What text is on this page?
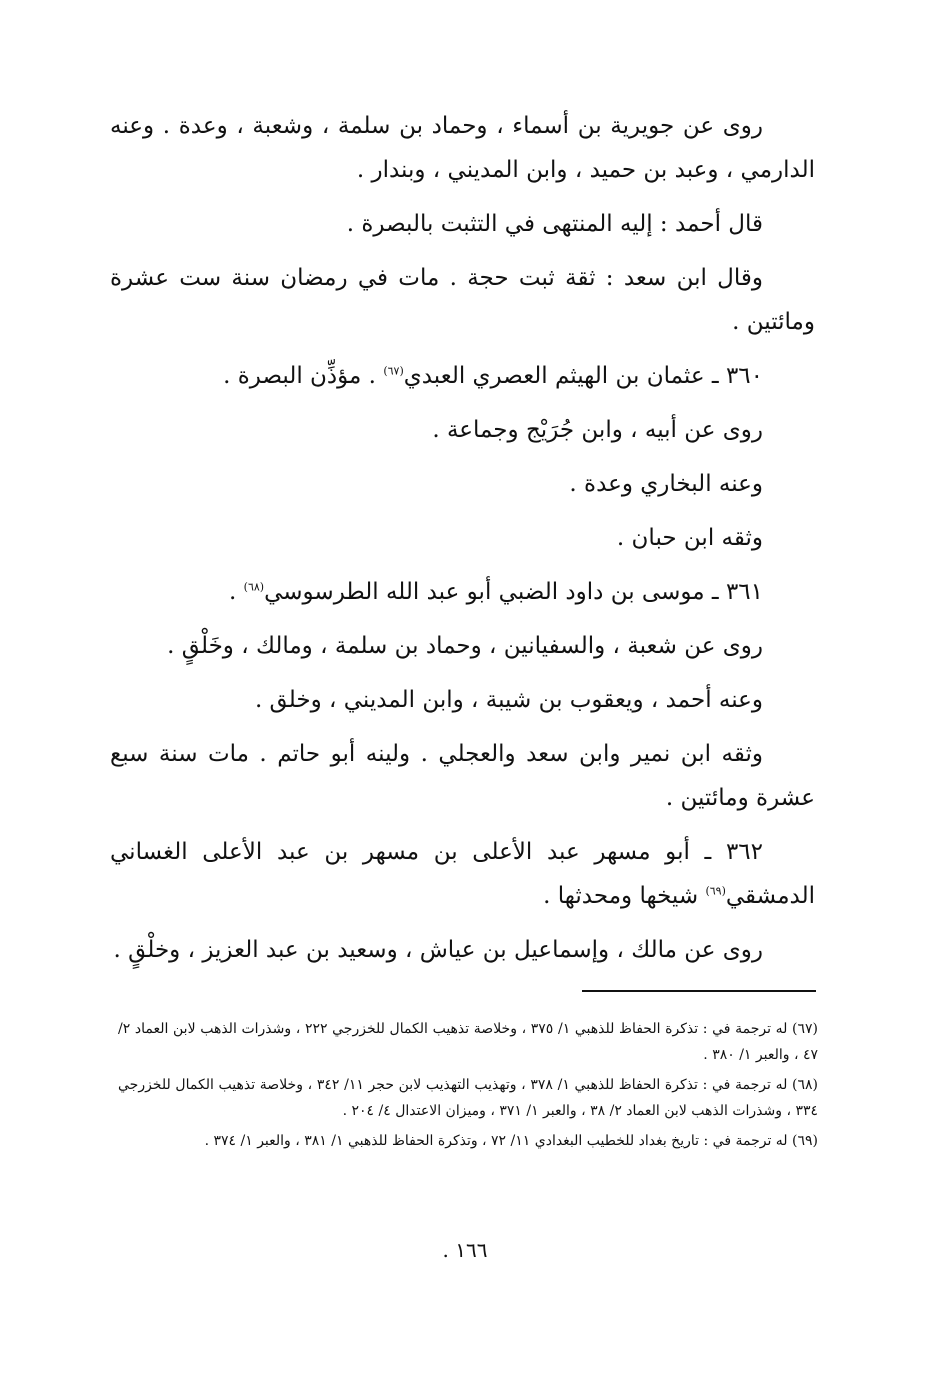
روى عن جويرية بن أسماء ، وحماد بن سلمة ، وشعبة ، وعدة . وعنه الدارمي ، وعبد بن حميد ، وابن المديني ، وبندار .

قال أحمد : إليه المنتهى في التثبت بالبصرة .

وقال ابن سعد : ثقة ثبت حجة . مات في رمضان سنة ست عشرة ومائتين .

٣٦٠ ـ عثمان بن الهيثم العصري العبدي$^{(٦٧)}$ . مؤذِّن البصرة .

روى عن أبيه ، وابن جُرَيْج وجماعة .

وعنه البخاري وعدة .

وثقه ابن حبان .

٣٦١ ـ موسى بن داود الضبي أبو عبد الله الطرسوسي$^{(٦٨)}$ .

روى عن شعبة ، والسفيانين ، وحماد بن سلمة ، ومالك ، وخَلْقٍ .

وعنه أحمد ، ويعقوب بن شيبة ، وابن المديني ، وخلق .

وثقه ابن نمير وابن سعد والعجلي . ولينه أبو حاتم . مات سنة سبع عشرة ومائتين .

٣٦٢ ـ أبو مسهر عبد الأعلى بن مسهر بن عبد الأعلى الغساني الدمشقي$^{(٦٩)}$ شيخها ومحدثها .

روى عن مالك ، وإسماعيل بن عياش ، وسعيد بن عبد العزيز ، وخلْقٍ .

(٦٧) له ترجمة في : تذكرة الحفاظ للذهبي ١/ ٣٧٥ ، وخلاصة تذهيب الكمال للخزرجي ٢٢٢ ، وشذرات الذهب لابن العماد ٢/ ٤٧ ، والعبر ١/ ٣٨٠ .

(٦٨) له ترجمة في : تذكرة الحفاظ للذهبي ١/ ٣٧٨ ، وتهذيب التهذيب لابن حجر ١١/ ٣٤٢ ، وخلاصة تذهيب الكمال للخزرجي ٣٣٤ ، وشذرات الذهب لابن العماد ٢/ ٣٨ ، والعبر ١/ ٣٧١ ، وميزان الاعتدال ٤/ ٢٠٤ .

(٦٩) له ترجمة في : تاريخ بغداد للخطيب البغدادي ١١/ ٧٢ ، وتذكرة الحفاظ للذهبي ١/ ٣٨١ ، والعبر ١/ ٣٧٤ .

١٦٦ .
